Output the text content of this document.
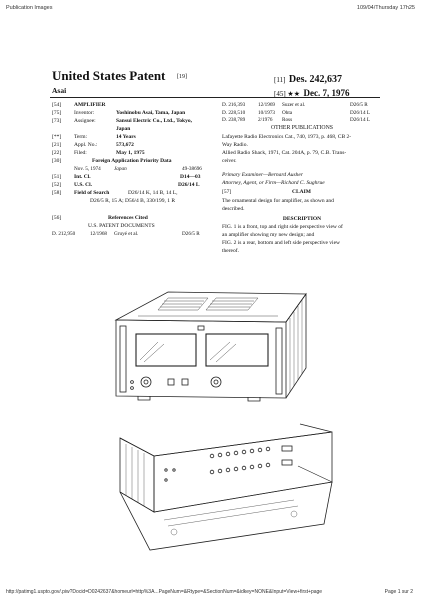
Publication Images	109/04/Thursday 17h25
United States Patent [19]
Asai
[11] Des. 242,637
[45] ★★ Dec. 7, 1976
[54] AMPLIFIER
[75] Inventor:	Yoshinobu Asai, Tama, Japan
[73] Assignee:	Sansui Electric Co., Ltd., Tokyo,
Japan
[**] Term:	14 Years
[21] Appl. No.:	573,672
[22] Filed:	May 1, 1975
[30]	Foreign Application Priority Data
Nov. 5, 1974	Japan	49-38696
[51] Int. Cl.	D14—03
[52] U.S. Cl.	D26/14 L
[58] Field of Search	D26/14 K, 14 B, 14 L,
D26/5 R, 15 A; D56/4 B, 330/199, 1 R
[56]	References Cited
U.S. PATENT DOCUMENTS
D. 212,950	12/1968 Gruyé et al.	D26/5 R
D. 216,393 12/1969 Suzer et al.	D26/5 R
D. 228,510 10/1973 Ohta	D26/14 L
D. 238,789 2/1976 Ross	D26/14 L
OTHER PUBLICATIONS
Lafayette Radio Electronics Cat., 740, 1973, p. 468, CB 2-
Way Radio.
Allied Radio Shack, 1971, Cat. 204A, p. 79, C.B. Trans-
ceiver.
Primary Examiner—Bernard Ausher
Attorney, Agent, or Firm—Richard C. Sughrue
[57]	CLAIM
The ornamental design for amplifier, as shown and
described.
DESCRIPTION
FIG. 1 is a front, top and right side perspective view of
an amplifier showing my new design; and
FIG. 2 is a rear, bottom and left side perspective view
thereof.
http://patimg1.uspto.gov/.piw?Docid=D0242637&homeurl=http%3A...PageNum=&Rtype=&SectionNum=&idkey=NONE&Input=View+first+page	Page 1 sur 2
